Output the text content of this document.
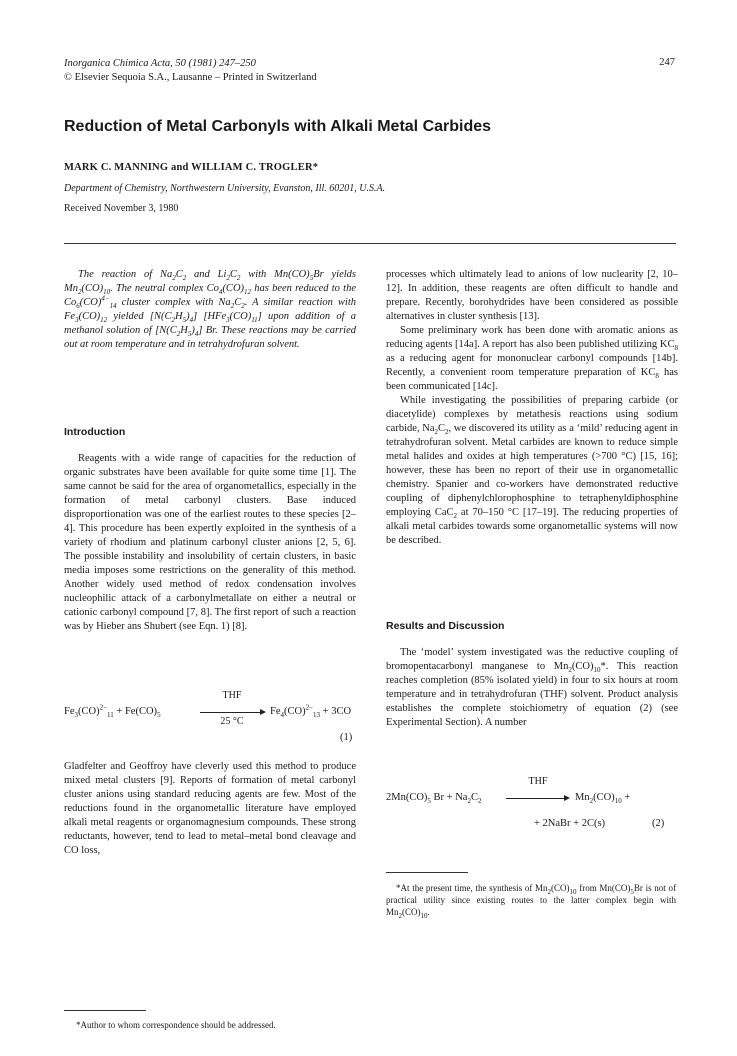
Inorganica Chimica Acta, 50 (1981) 247–250
© Elsevier Sequoia S.A., Lausanne – Printed in Switzerland
247
Reduction of Metal Carbonyls with Alkali Metal Carbides
MARK C. MANNING and WILLIAM C. TROGLER*
Department of Chemistry, Northwestern University, Evanston, Ill. 60201, U.S.A.
Received November 3, 1980
The reaction of $Na_2C_2$ and $Li_2C_2$ with $Mn(CO)_5Br$ yields $Mn_2(CO)_{10}$. The neutral complex $Co_4(CO)_{12}$ has been reduced to the $Co_6(CO)^{4-}_{14}$ cluster complex with $Na_2C_2$. A similar reaction with $Fe_3(CO)_{12}$ yielded $[N(C_2H_5)_4]$ $[HFe_3(CO)_{11}]$ upon addition of a methanol solution of $[N(C_2H_5)_4]$ Br. These reactions may be carried out at room temperature and in tetrahydrofuran solvent.
Introduction

Reagents with a wide range of capacities for the reduction of organic substrates have been available for quite some time [1]. The same cannot be said for the area of organometallics, especially in the formation of metal carbonyl clusters. Base induced disproportionation was one of the earliest routes to these species [2–4]. This procedure has been expertly exploited in the synthesis of a variety of rhodium and platinum carbonyl cluster anions [2, 5, 6]. The possible instability and insolubility of certain clusters, in basic media imposes some restrictions on the generality of this method. Another widely used method of redox condensation involves nucleophilic attack of a carbonylmetallate on either a neutral or cationic carbonyl compound [7, 8]. The first report of such a reaction was by Hieber ans Shubert (see Eqn. 1) [8].

$Fe_3(CO)^{2-}_{11} + Fe(CO)_5$
THF
25 °C
$Fe_4(CO)^{2-}_{13} + 3CO$
(1)

Gladfelter and Geoffroy have cleverly used this method to produce mixed metal clusters [9]. Reports of formation of metal carbonyl cluster anions using standard reducing agents are few. Most of the reductions found in the organometallic literature have employed alkali metal reagents or organomagnesium compounds. These strong reductants, however, tend to lead to metal–metal bond cleavage and CO loss,

*Author to whom correspondence should be addressed.

processes which ultimately lead to anions of low nuclearity [2, 10–12]. In addition, these reagents are often difficult to handle and prepare. Recently, borohydrides have been considered as possible alternatives in cluster synthesis [13].

Some preliminary work has been done with aromatic anions as reducing agents [14a]. A report has also been published utilizing $KC_8$ as a reducing agent for mononuclear carbonyl compounds [14b]. Recently, a convenient room temperature preparation of $KC_8$ has been communicated [14c].

While investigating the possibilities of preparing carbide (or diacetylide) complexes by metathesis reactions using sodium carbide, $Na_2C_2$, we discovered its utility as a ‘mild’ reducing agent in tetrahydrofuran solvent. Metal carbides are known to reduce simple metal halides and oxides at high temperatures (>700 °C) [15, 16]; however, these has been no report of their use in organometallic chemistry. Spanier and co-workers have demonstrated reductive coupling of diphenylchlorophosphine to tetraphenyldiphosphine employing CaC$_2$ at 70–150 °C [17–19]. The reducing properties of alkali metal carbides towards some organometallic systems will now be described.

Results and Discussion

The ‘model’ system investigated was the reductive coupling of bromopentacarbonyl manganese to $Mn_2(CO)_{10}*$. This reaction reaches completion (85% isolated yield) in four to six hours at room temperature and in tetrahydrofuran (THF) solvent. Product analysis establishes the complete stoichiometry of equation (2) (see Experimental Section). A number

$2Mn(CO)_5$ $Br + Na_2C_2$
THF
→ $Mn_2(CO)_{10}$ +
+ 2NaBr + 2C(s)	(2)
*At the present time, the synthesis of $Mn_2(CO)_{10}$ from $Mn(CO)_5Br$ is not of practical utility since existing routes to the latter complex begin with $Mn_2(CO)_{10}$.
